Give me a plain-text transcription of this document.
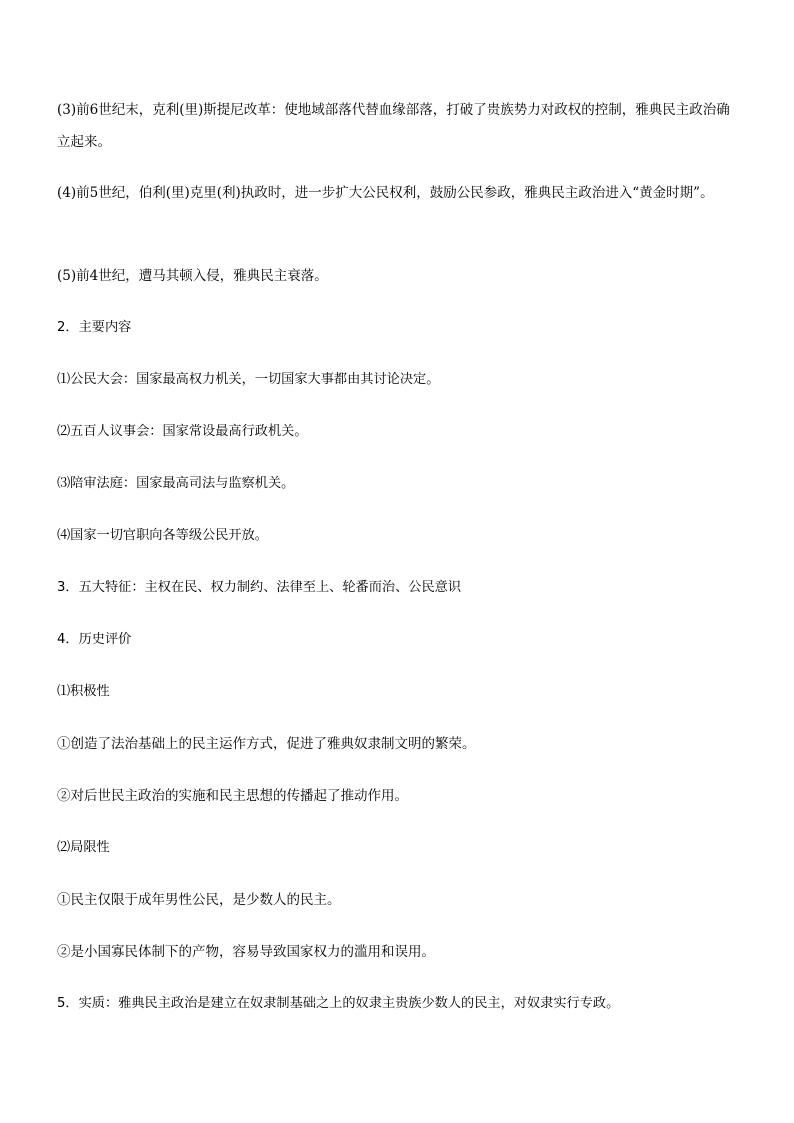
(3)前6世纪末，克利(里)斯提尼改革：使地域部落代替血缘部落，打破了贵族势力对政权的控制，雅典民主政治确立起来。
(4)前5世纪，伯利(里)克里(利)执政时，进一步扩大公民权利，鼓励公民参政，雅典民主政治进入“黄金时期”。
(5)前4世纪，遭马其顿入侵，雅典民主衰落。
2．主要内容
⑴公民大会：国家最高权力机关，一切国家大事都由其讨论决定。
⑵五百人议事会：国家常设最高行政机关。
⑶陪审法庭：国家最高司法与监察机关。
⑷国家一切官职向各等级公民开放。
3．五大特征：主权在民、权力制约、法律至上、轮番而治、公民意识
4．历史评价
⑴积极性
①创造了法治基础上的民主运作方式，促进了雅典奴隶制文明的繁荣。
②对后世民主政治的实施和民主思想的传播起了推动作用。
⑵局限性
①民主仅限于成年男性公民，是少数人的民主。
②是小国寡民体制下的产物，容易导致国家权力的滥用和误用。
5．实质：雅典民主政治是建立在奴隶制基础之上的奴隶主贵族少数人的民主，对奴隶实行专政。
